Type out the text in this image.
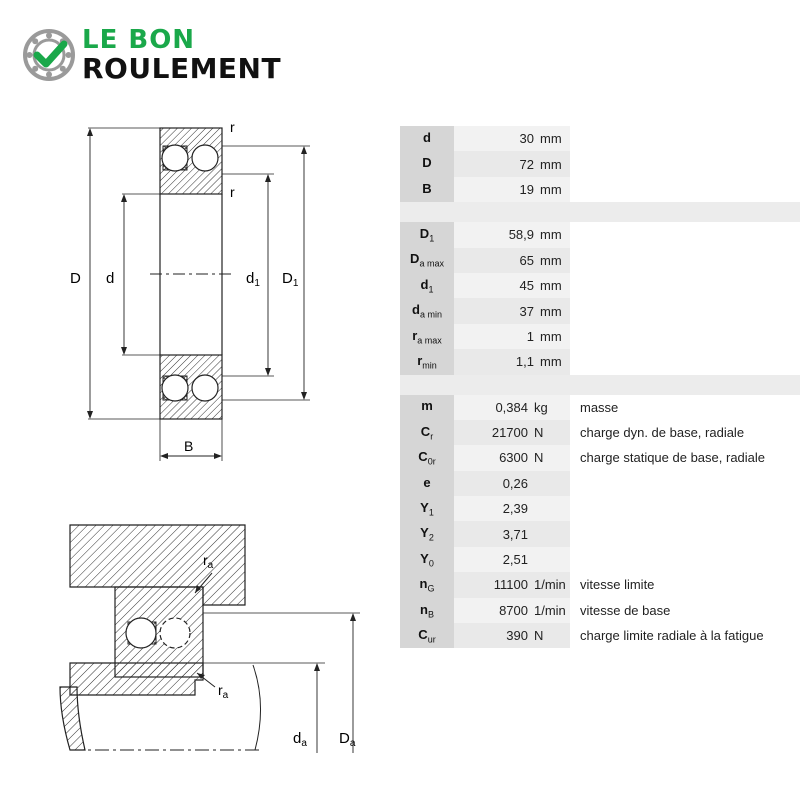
LE BON
ROULEMENT
r
r
D d	$d_1$ $D_1$
B
$r_a$
$r_a$
$d_a$ $D_a$
d	30 mm	
D	72 mm	
B	19 mm	

$D_1$	58,9 mm	
$D_{a max}$	65 mm	
$d_1$	45 mm	
$d_{a min}$	37 mm	
$r_{a max}$	1 mm	
$r_{min}$	1,1 mm	

m	0,384 kg	masse
$C_r$	21700 N	charge dyn. de base, radiale
$C_{0r}$	6300 N	charge statique de base, radiale
e	0,26	
$Y_1$	2,39	
$Y_2$	3,71	
$Y_0$	2,51	
$n_G$	11100 1/min	vitesse limite
$n_B$	8700 1/min	vitesse de base
$C_{ur}$	390 N	charge limite radiale à la fatigue
